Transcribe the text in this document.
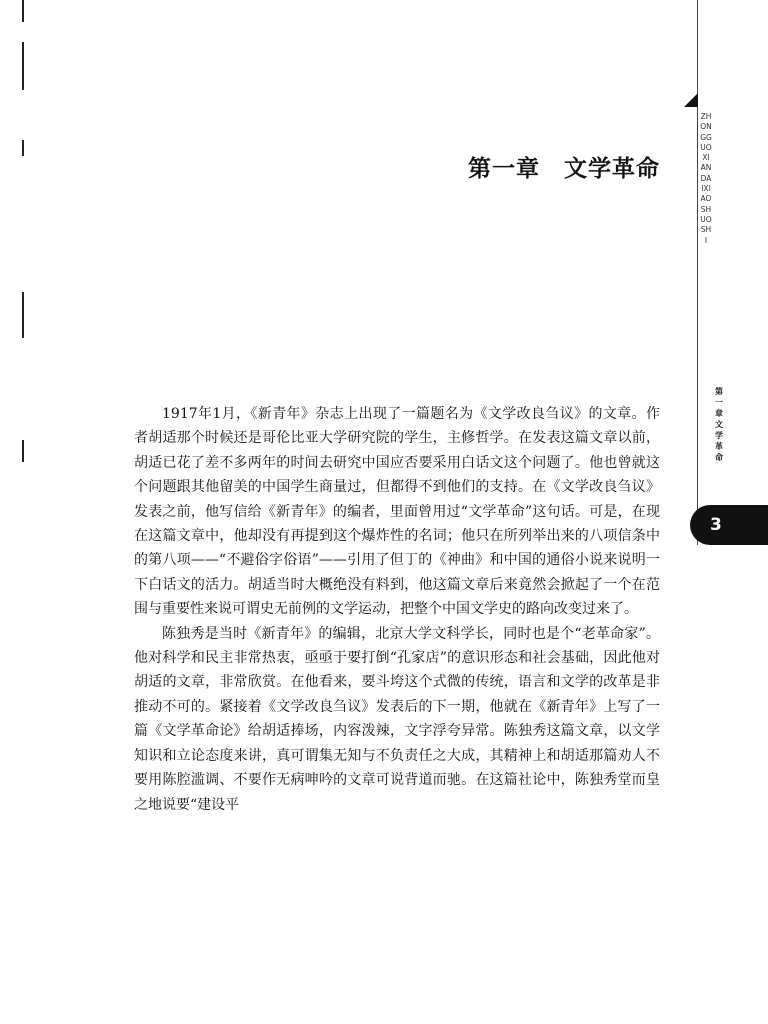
ZHONGGUOXIANDAIXIAOSHUOSHI
第一章 文学革命
3
第一章 文学革命

1917年1月，《新青年》杂志上出现了一篇题名为《文学改良刍议》的文章。作者胡适那个时候还是哥伦比亚大学研究院的学生，主修哲学。在发表这篇文章以前，胡适已花了差不多两年的时间去研究中国应否要采用白话文这个问题了。他也曾就这个问题跟其他留美的中国学生商量过，但都得不到他们的支持。在《文学改良刍议》发表之前，他写信给《新青年》的编者，里面曾用过“文学革命”这句话。可是，在现在这篇文章中，他却没有再提到这个爆炸性的名词；他只在所列举出来的八项信条中的第八项——“不避俗字俗语”——引用了但丁的《神曲》和中国的通俗小说来说明一下白话文的活力。胡适当时大概绝没有料到，他这篇文章后来竟然会掀起了一个在范围与重要性来说可谓史无前例的文学运动，把整个中国文学史的路向改变过来了。

陈独秀是当时《新青年》的编辑，北京大学文科学长，同时也是个“老革命家”。他对科学和民主非常热衷，亟亟于要打倒“孔家店”的意识形态和社会基础，因此他对胡适的文章，非常欣赏。在他看来，要斗垮这个式微的传统，语言和文学的改革是非推动不可的。紧接着《文学改良刍议》发表后的下一期，他就在《新青年》上写了一篇《文学革命论》给胡适捧场，内容泼辣，文字浮夸异常。陈独秀这篇文章，以文学知识和立论态度来讲，真可谓集无知与不负责任之大成，其精神上和胡适那篇劝人不要用陈腔滥调、不要作无病呻吟的文章可说背道而驰。在这篇社论中，陈独秀堂而皇之地说要“建设平
